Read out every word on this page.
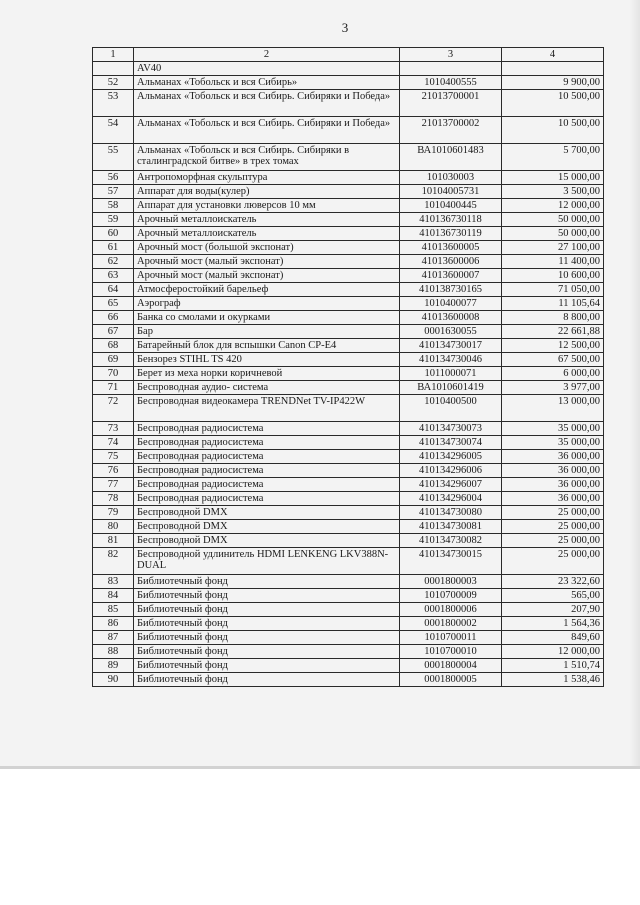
3
1	2	3	4
	AV40		
52	Альманах «Тобольск и вся Сибирь»	1010400555	9 900,00
53	Альманах «Тобольск и вся Сибирь. Сибиряки и Победа»	21013700001	10 500,00
54	Альманах «Тобольск и вся Сибирь. Сибиряки и Победа»	21013700002	10 500,00
55	Альманах «Тобольск и вся Сибирь. Сибиряки в сталинградской битве» в трех томах	ВА1010601483	5 700,00
56	Антропоморфная скульптура	101030003	15 000,00
57	Аппарат для воды(кулер)	10104005731	3 500,00
58	Аппарат для установки люверсов 10 мм	1010400445	12 000,00
59	Арочный металлоискатель	410136730118	50 000,00
60	Арочный металлоискатель	410136730119	50 000,00
61	Арочный мост (большой экспонат)	41013600005	27 100,00
62	Арочный мост (малый экспонат)	41013600006	11 400,00
63	Арочный мост (малый экспонат)	41013600007	10 600,00
64	Атмосферостойкий барельеф	410138730165	71 050,00
65	Аэрограф	1010400077	11 105,64
66	Банка со смолами и окурками	41013600008	8 800,00
67	Бар	0001630055	22 661,88
68	Батарейный блок для вспышки Canon CP-E4	410134730017	12 500,00
69	Бензорез STIHL TS 420	410134730046	67 500,00
70	Берет из меха норки коричневой	1011000071	6 000,00
71	Беспроводная аудио- система	ВА1010601419	3 977,00
72	Беспроводная видеокамера TRENDNet TV-IP422W	1010400500	13 000,00
73	Беспроводная радиосистема	410134730073	35 000,00
74	Беспроводная радиосистема	410134730074	35 000,00
75	Беспроводная радиосистема	410134296005	36 000,00
76	Беспроводная радиосистема	410134296006	36 000,00
77	Беспроводная радиосистема	410134296007	36 000,00
78	Беспроводная радиосистема	410134296004	36 000,00
79	Беспроводной DMX	410134730080	25 000,00
80	Беспроводной DMX	410134730081	25 000,00
81	Беспроводной DMX	410134730082	25 000,00
82	Беспроводной удлинитель HDMI LENKENG LKV388N-DUAL	410134730015	25 000,00
83	Библиотечный фонд	0001800003	23 322,60
84	Библиотечный фонд	1010700009	565,00
85	Библиотечный фонд	0001800006	207,90
86	Библиотечный фонд	0001800002	1 564,36
87	Библиотечный фонд	1010700011	849,60
88	Библиотечный фонд	1010700010	12 000,00
89	Библиотечный фонд	0001800004	1 510,74
90	Библиотечный фонд	0001800005	1 538,46
